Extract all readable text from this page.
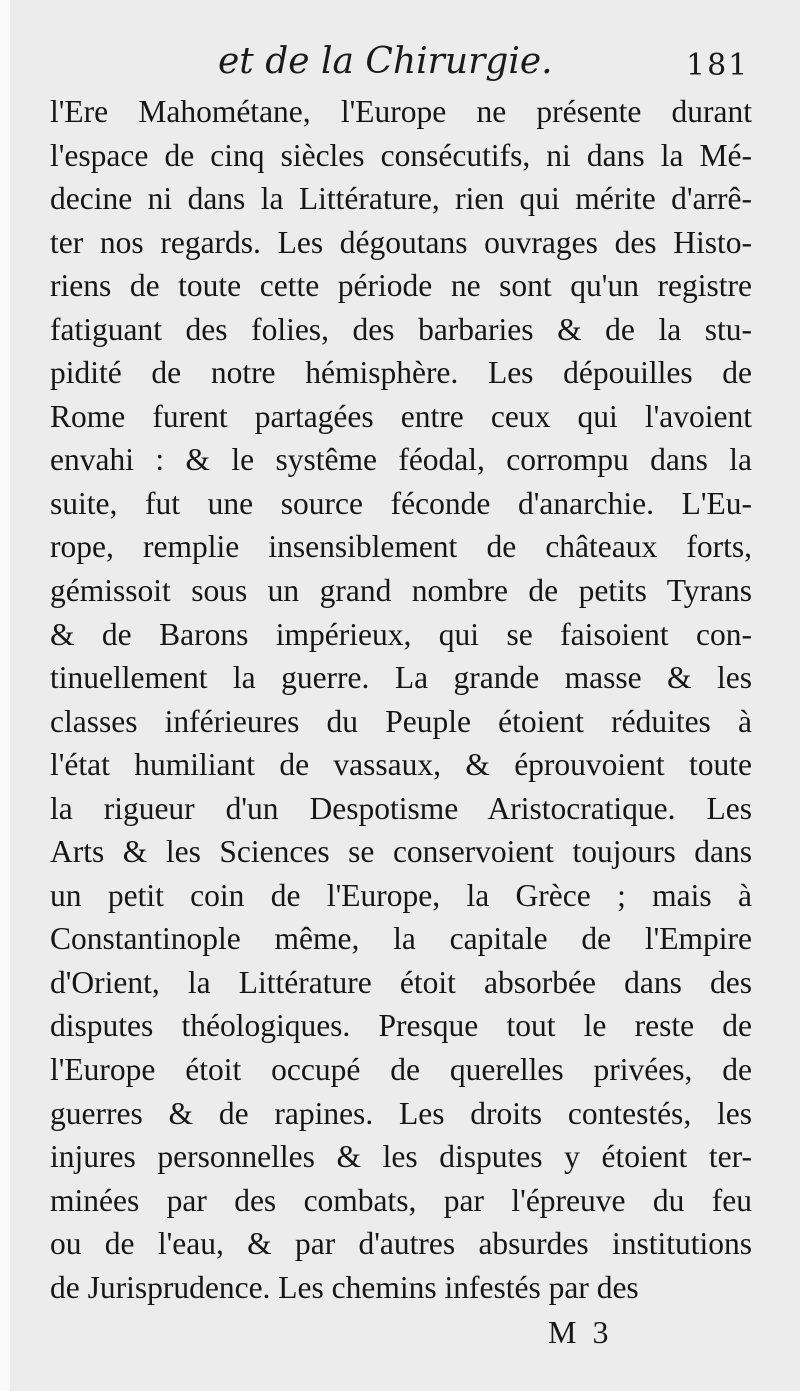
et de la Chirurgie.	181
l'Ere Mahométane, l'Europe ne présente durant
l'espace de cinq siècles consécutifs, ni dans la Mé-
decine ni dans la Littérature, rien qui mérite d'arrê-
ter nos regards. Les dégoutans ouvrages des Histo-
riens de toute cette période ne sont qu'un registre
fatiguant des folies, des barbaries & de la stu-
pidité de notre hémisphère. Les dépouilles de
Rome furent partagées entre ceux qui l'avoient
envahi : & le systême féodal, corrompu dans la
suite, fut une source féconde d'anarchie. L'Eu-
rope, remplie insensiblement de châteaux forts,
gémissoit sous un grand nombre de petits Tyrans
& de Barons impérieux, qui se faisoient con-
tinuellement la guerre. La grande masse & les
classes inférieures du Peuple étoient réduites à
l'état humiliant de vassaux, & éprouvoient toute
la rigueur d'un Despotisme Aristocratique. Les
Arts & les Sciences se conservoient toujours dans
un petit coin de l'Europe, la Grèce ; mais à
Constantinople même, la capitale de l'Empire
d'Orient, la Littérature étoit absorbée dans des
disputes théologiques. Presque tout le reste de
l'Europe étoit occupé de querelles privées, de
guerres & de rapines. Les droits contestés, les
injures personnelles & les disputes y étoient ter-
minées par des combats, par l'épreuve du feu
ou de l'eau, & par d'autres absurdes institutions
de Jurisprudence. Les chemins infestés par des
M 3
